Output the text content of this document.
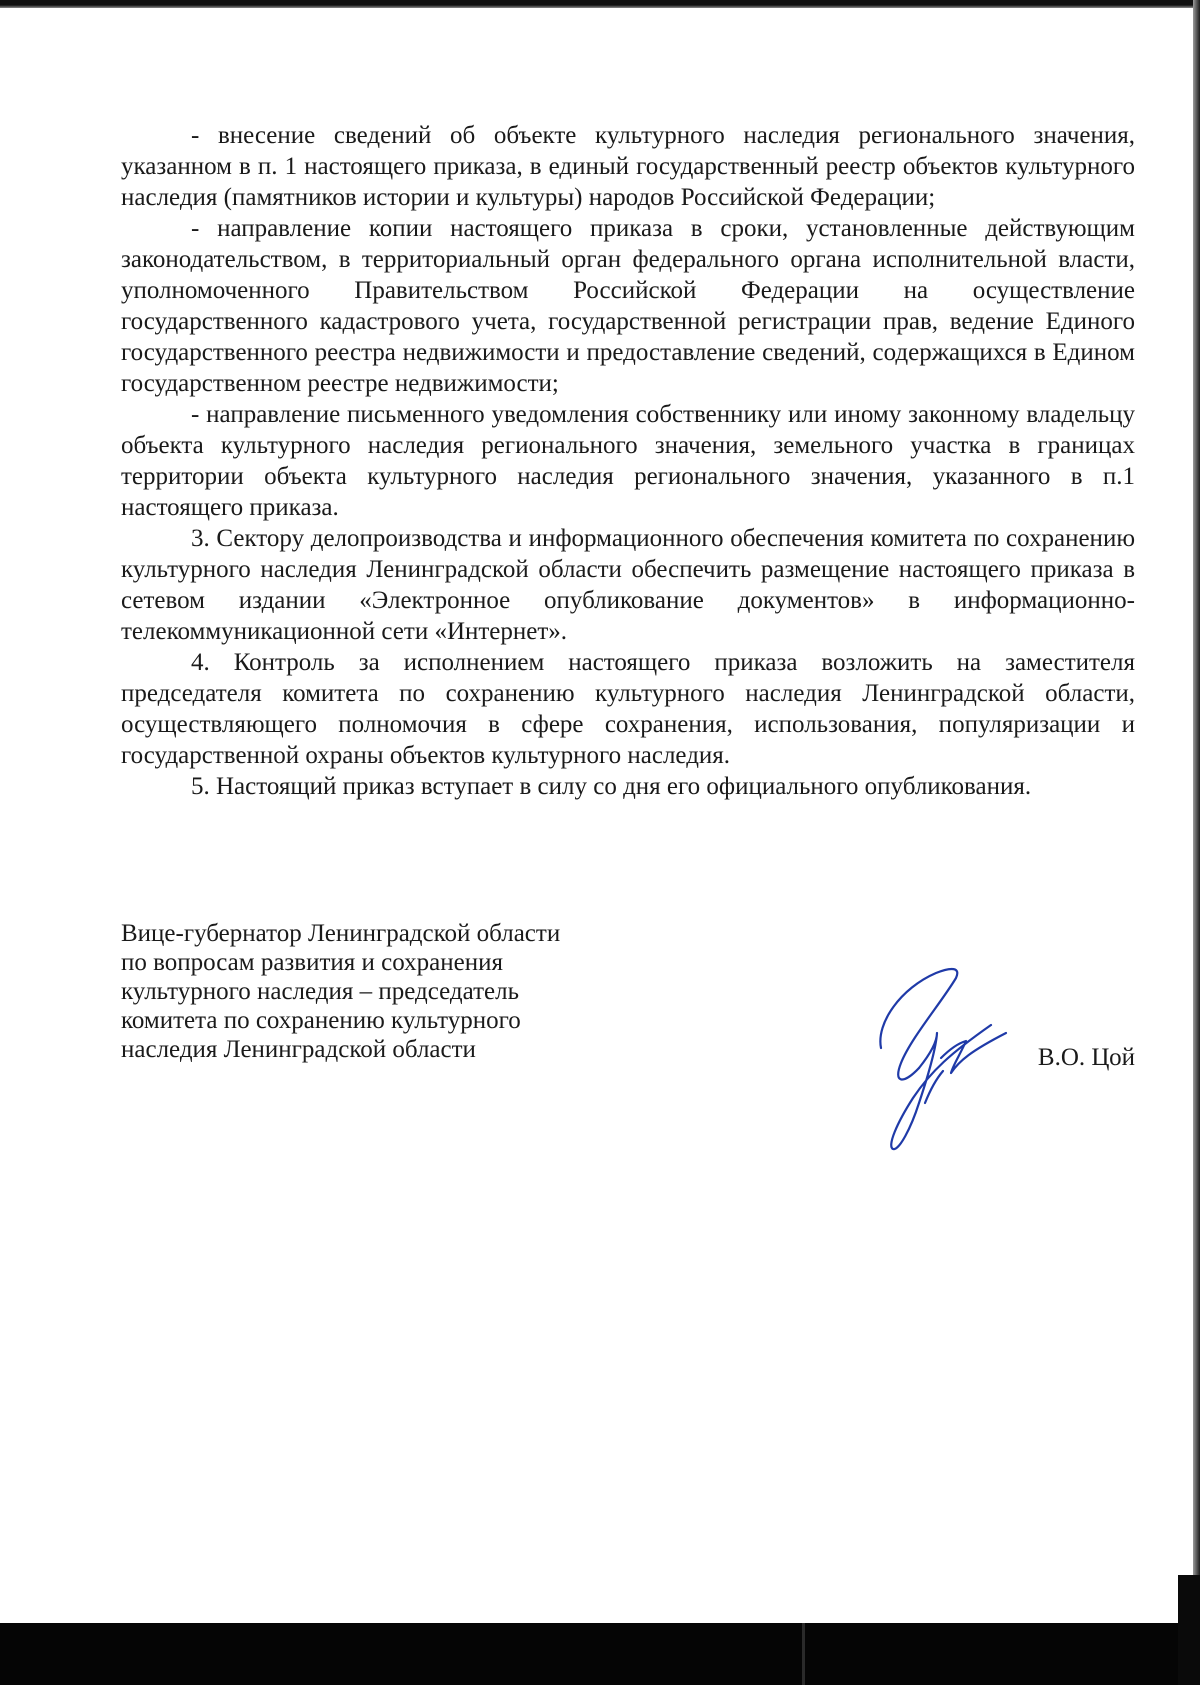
- внесение сведений об объекте культурного наследия регионального значения, указанном в п. 1 настоящего приказа, в единый государственный реестр объектов культурного наследия (памятников истории и культуры) народов Российской Федерации;

- направление копии настоящего приказа в сроки, установленные действующим законодательством, в территориальный орган федерального органа исполнительной власти, уполномоченного Правительством Российской Федерации на осуществление государственного кадастрового учета, государственной регистрации прав, ведение Единого государственного реестра недвижимости и предоставление сведений, содержащихся в Едином государственном реестре недвижимости;

- направление письменного уведомления собственнику или иному законному владельцу объекта культурного наследия регионального значения, земельного участка в границах территории объекта культурного наследия регионального значения, указанного в п.1 настоящего приказа.

3. Сектору делопроизводства и информационного обеспечения комитета по сохранению культурного наследия Ленинградской области обеспечить размещение настоящего приказа в сетевом издании «Электронное опубликование документов» в информационно-телекоммуникационной сети «Интернет».

4. Контроль за исполнением настоящего приказа возложить на заместителя председателя комитета по сохранению культурного наследия Ленинградской области, осуществляющего полномочия в сфере сохранения, использования, популяризации и государственной охраны объектов культурного наследия.

5. Настоящий приказ вступает в силу со дня его официального опубликования.

Вице-губернатор Ленинградской области
по вопросам развития и сохранения
культурного наследия – председатель
комитета по сохранению культурного
наследия Ленинградской области	В.О. Цой
